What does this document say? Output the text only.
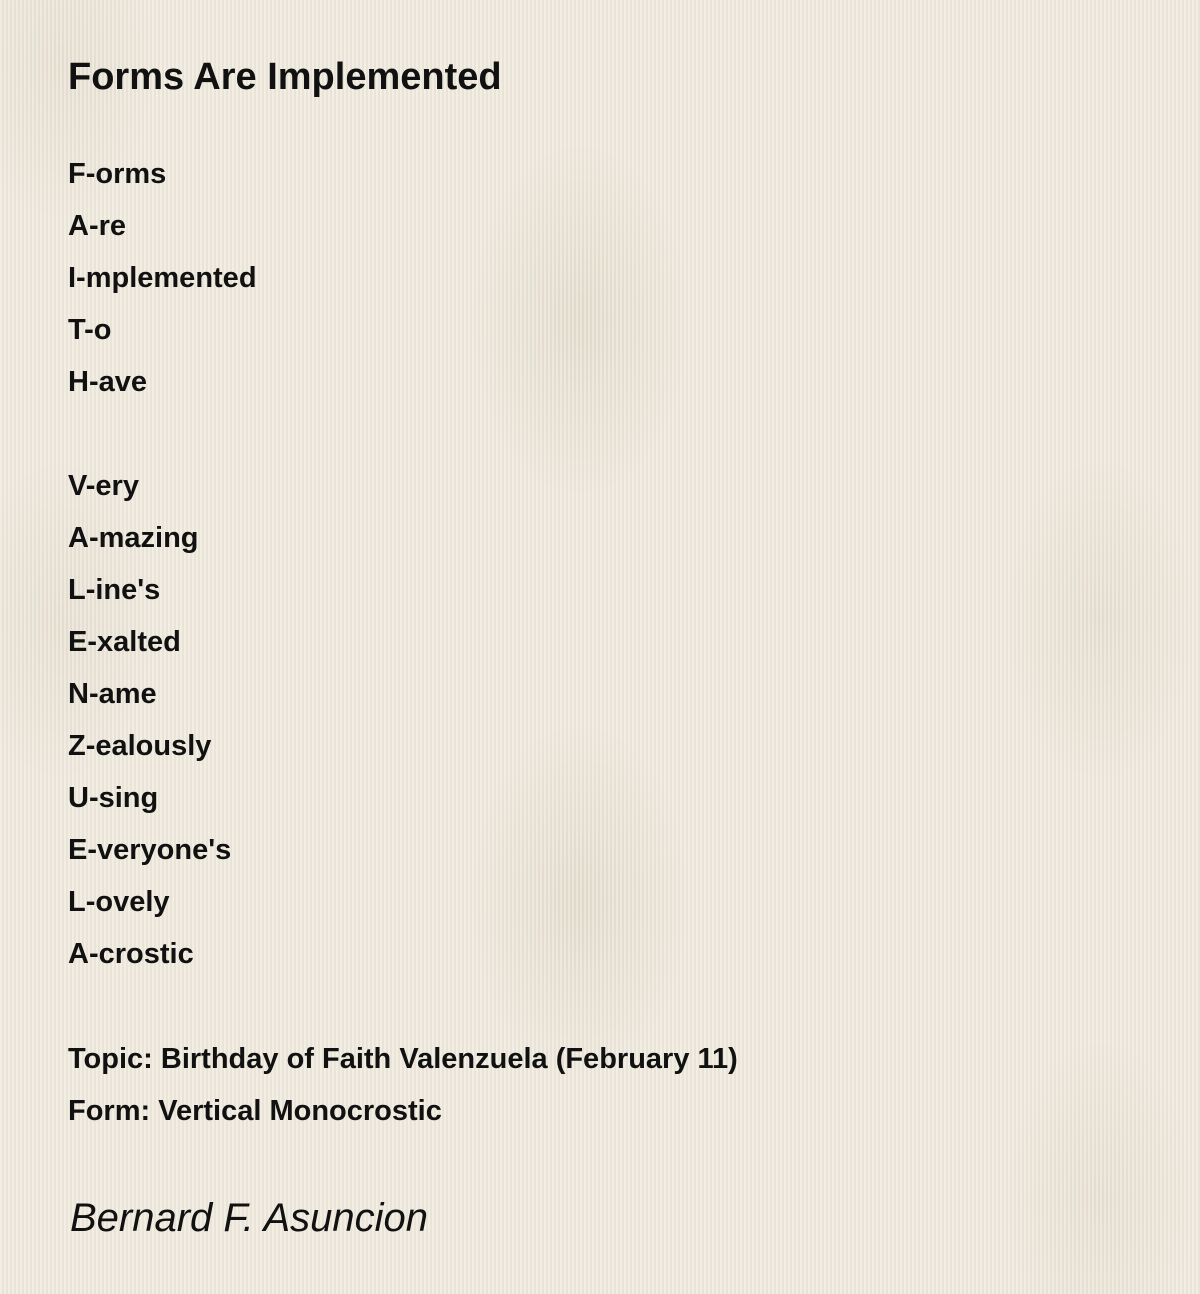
Forms Are Implemented
F-orms
A-re
I-mplemented
T-o
H-ave
V-ery
A-mazing
L-ine's
E-xalted
N-ame
Z-ealously
U-sing
E-veryone's
L-ovely
A-crostic
Topic: Birthday of Faith Valenzuela (February 11)
Form: Vertical Monocrostic
Bernard F. Asuncion
